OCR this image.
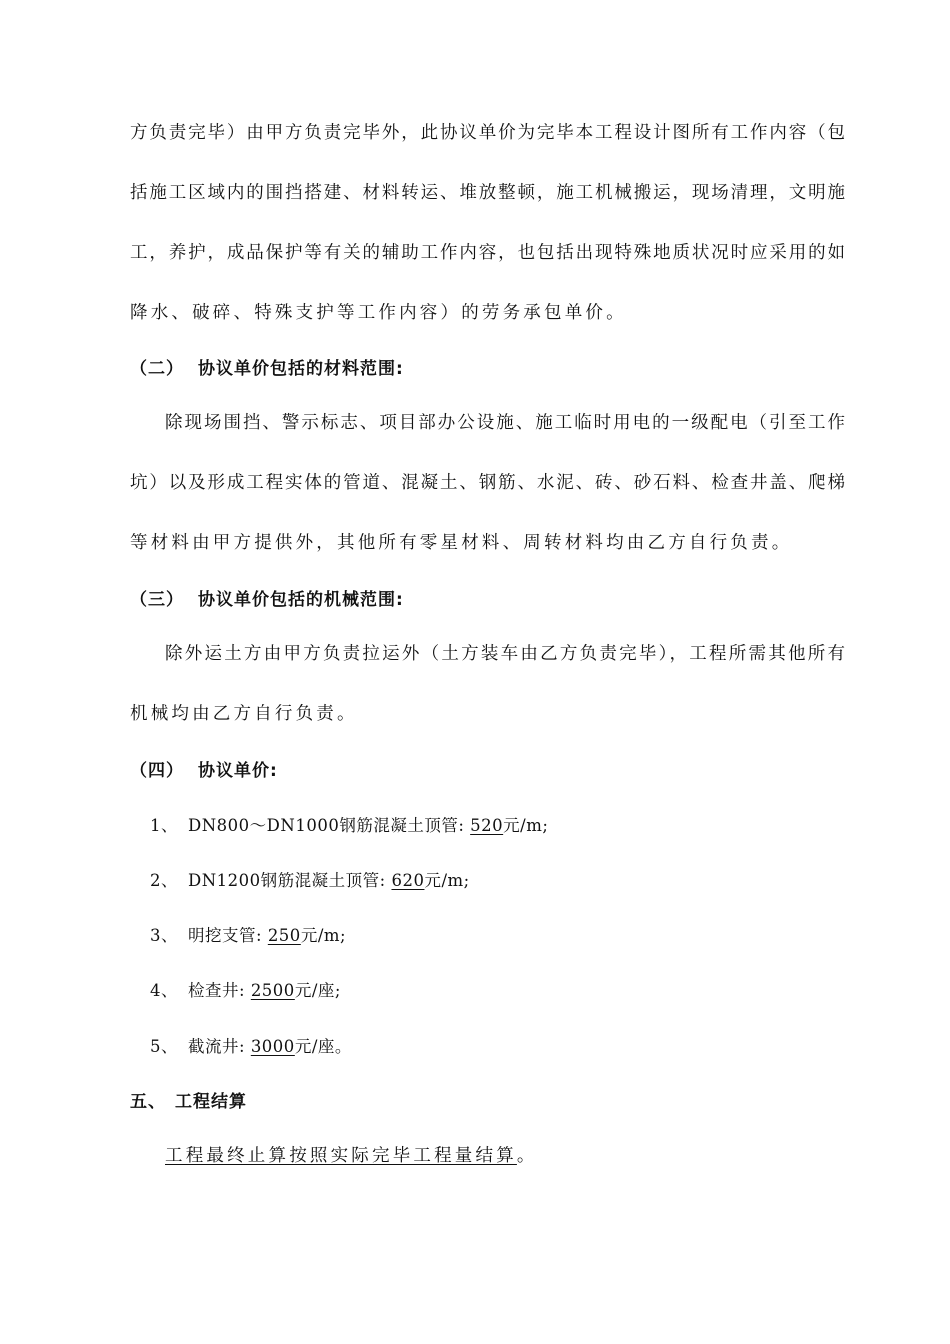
方负责完毕）由甲方负责完毕外，此协议单价为完毕本工程设计图所有工作内容（包
括施工区域内的围挡搭建、材料转运、堆放整顿，施工机械搬运，现场清理，文明施
工，养护，成品保护等有关的辅助工作内容，也包括出现特殊地质状况时应采用的如
降水、破碎、特殊支护等工作内容）的劳务承包单价。
（二） 协议单价包括的材料范围:
除现场围挡、警示标志、项目部办公设施、施工临时用电的一级配电（引至工作
坑）以及形成工程实体的管道、混凝土、钢筋、水泥、砖、砂石料、检查井盖、爬梯
等材料由甲方提供外，其他所有零星材料、周转材料均由乙方自行负责。
（三） 协议单价包括的机械范围:
除外运土方由甲方负责拉运外（土方装车由乙方负责完毕），工程所需其他所有
机械均由乙方自行负责。
（四） 协议单价:
1、 DN800～DN1000钢筋混凝土顶管: 520元/m;
2、 DN1200钢筋混凝土顶管: 620元/m;
3、 明挖支管: 250元/m;
4、 检查井: 2500元/座;
5、 截流井: 3000元/座。
五、 工程结算
工程最终止算按照实际完毕工程量结算。
